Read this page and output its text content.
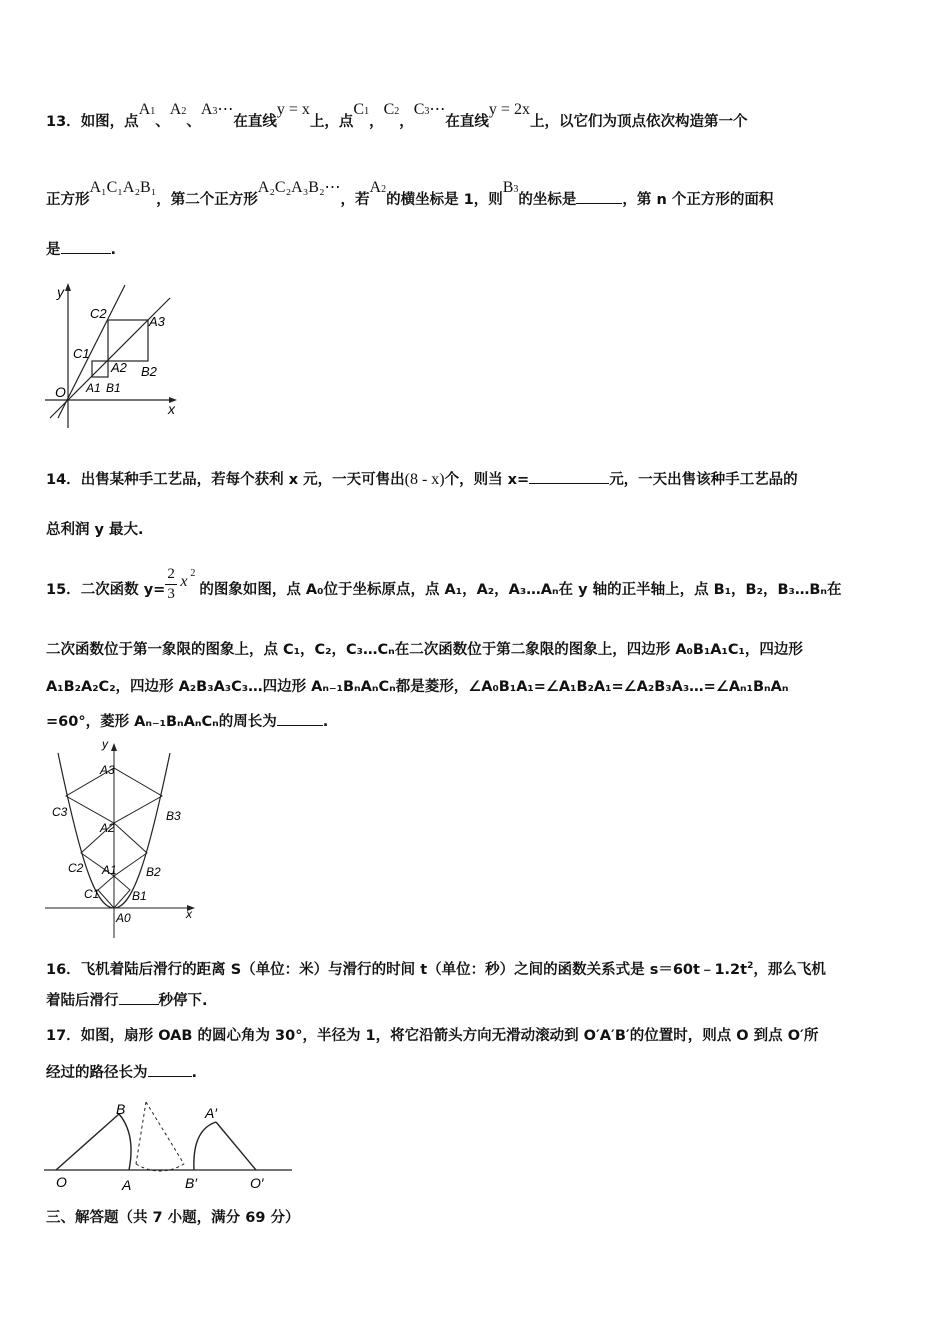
13．如图，点A1、A2、A3⋯在直线y = x上，点C1，C2，C3⋯在直线y = 2x上，以它们为顶点依次构造第一个
正方形A₁C₁A₂B₁，第二个正方形A₂C₂A₃B₂⋯，若A2的横坐标是 1，则B3的坐标是	，第 n 个正方形的面积
是	.
y
x
O
C2
A3
C1
A2 B2
A1 B1
14．出售某种手工艺品，若每个获利 x 元，一天可售出(8 - x)个，则当 x=	元，一天出售该种手工艺品的
总利润 y 最大.
15．二次函数 y=
2
3
x 2
的图象如图，点 A₀位于坐标原点，点 A₁，A₂，A₃…Aₙ在 y 轴的正半轴上，点 B₁，B₂，B₃…Bₙ在
二次函数位于第一象限的图象上，点 C₁，C₂，C₃…Cₙ在二次函数位于第二象限的图象上，四边形 A₀B₁A₁C₁，四边形
A₁B₂A₂C₂，四边形 A₂B₃A₃C₃…四边形 Aₙ₋₁BₙAₙCₙ都是菱形，∠A₀B₁A₁=∠A₁B₂A₁=∠A₂B₃A₃…=∠Aₙ₁BₙAₙ
=60°，菱形 Aₙ₋₁BₙAₙCₙ的周长为	.
y
x
A3
C3	B3
A2
C2	B2
A1
C1	B1
A0
16．飞机着陆后滑行的距离 S（单位：米）与滑行的时间 t（单位：秒）之间的函数关系式是 $s=60t﹣1.2t^2$，那么飞机
着陆后滑行	秒停下.
17．如图，扇形 OAB 的圆心角为 30°，半径为 1，将它沿箭头方向无滑动滚动到 O′A′B′的位置时，则点 O 到点 O′所
经过的路径长为	.
O
B
A	B′
A′
O′
三、解答题（共 7 小题，满分 69 分）
